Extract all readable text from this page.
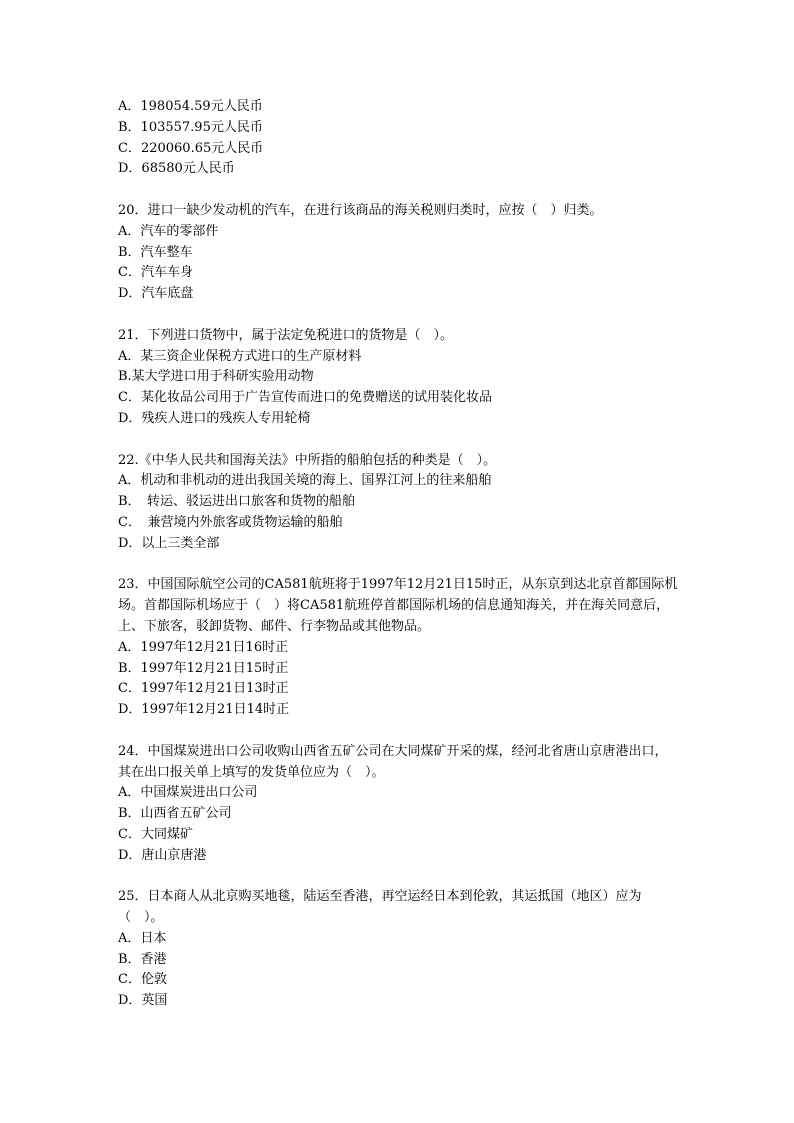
A．198054.59元人民币
B．103557.95元人民币
C．220060.65元人民币
D．68580元人民币
20．进口一缺少发动机的汽车，在进行该商品的海关税则归类时，应按（　）归类。
A．汽车的零部件
B．汽车整车
C．汽车车身
D．汽车底盘
21．下列进口货物中，属于法定免税进口的货物是（　）。
A．某三资企业保税方式进口的生产原材料
B.某大学进口用于科研实验用动物
C．某化妆品公司用于广告宣传而进口的免费赠送的试用装化妆品
D．残疾人进口的残疾人专用轮椅
22.《中华人民共和国海关法》中所指的船舶包括的种类是（　）。
A．机动和非机动的进出我国关境的海上、国界江河上的往来船舶
B．　转运、驳运进出口旅客和货物的船舶
C．　兼营境内外旅客或货物运输的船舶
D．以上三类全部
23．中国国际航空公司的CA581航班将于1997年12月21日15时正，从东京到达北京首都国际机场。首都国际机场应于（　）将CA581航班停首都国际机场的信息通知海关，并在海关同意后，上、下旅客，驳卸货物、邮件、行李物品或其他物品。
A．1997年12月21日16时正
B．1997年12月21日15时正
C．1997年12月21日13时正
D．1997年12月21日14时正
24．中国煤炭进出口公司收购山西省五矿公司在大同煤矿开采的煤，经河北省唐山京唐港出口，其在出口报关单上填写的发货单位应为（　）。
A．中国煤炭进出口公司
B．山西省五矿公司
C．大同煤矿
D．唐山京唐港
25．日本商人从北京购买地毯，陆运至香港，再空运经日本到伦敦，其运抵国（地区）应为（　）。
A．日本
B．香港
C．伦敦
D．英国
